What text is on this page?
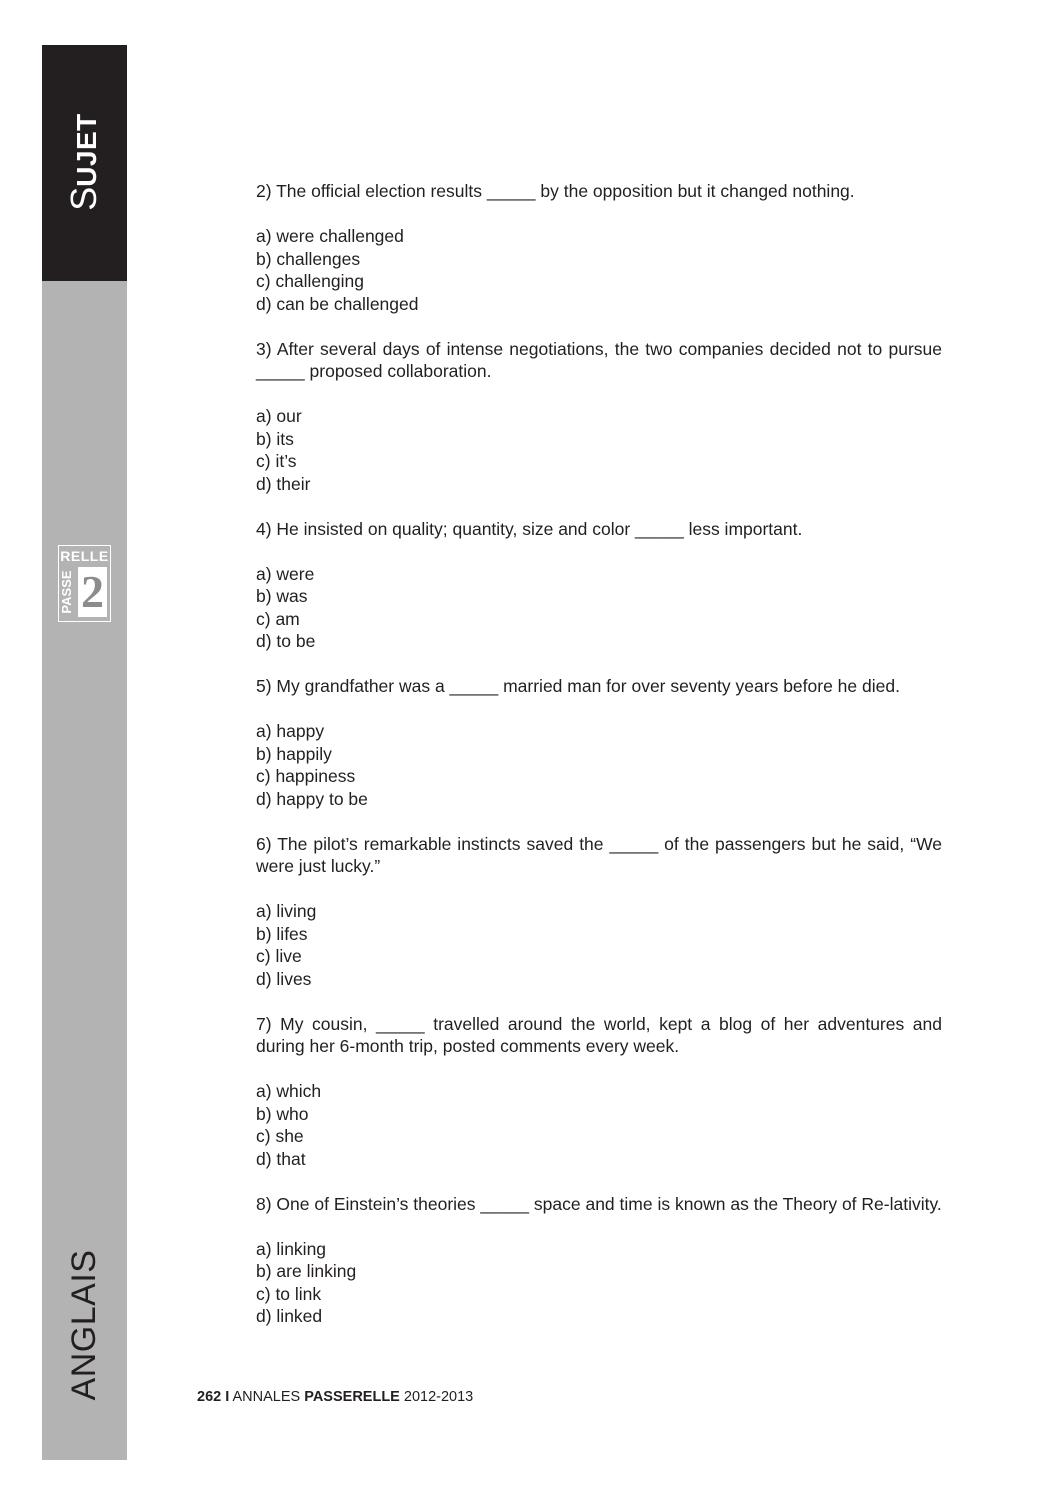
SUJET
RELLE
PASSE 2
ANGLAIS

2) The official election results _____ by the opposition but it changed nothing.

a) were challenged
b) challenges
c) challenging
d) can be challenged

3) After several days of intense negotiations, the two companies decided not to pursue _____ proposed collaboration.

a) our
b) its
c) it’s
d) their

4) He insisted on quality; quantity, size and color _____ less important.

a) were
b) was
c) am
d) to be

5) My grandfather was a _____ married man for over seventy years before he died.

a) happy
b) happily
c) happiness
d) happy to be

6) The pilot’s remarkable instincts saved the _____ of the passengers but he said, “We were just lucky.”

a) living
b) lifes
c) live
d) lives

7) My cousin, _____ travelled around the world, kept a blog of her adventures and during her 6-month trip, posted comments every week.

a) which
b) who
c) she
d) that

8) One of Einstein’s theories _____ space and time is known as the Theory of Re-lativity.

a) linking
b) are linking
c) to link
d) linked
262 I ANNALES PASSERELLE 2012-2013
